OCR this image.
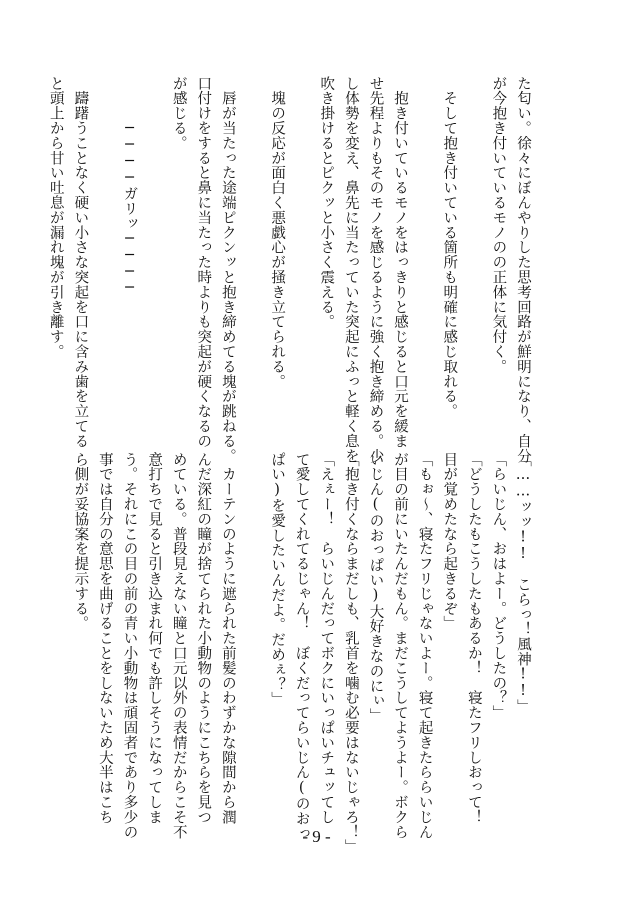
た匂い。徐々にぼんやりした思考回路が鮮明になり、自分
が今抱き付いているモノのの正体に気付く。
　そして抱き付いている箇所も明確に感じ取れる。
　抱き付いているモノをはっきりと感じると口元を緩ま
せ先程よりもそのモノを感じるように強く抱き締める。少
し体勢を変え、鼻先に当たっていた突起にふっと軽く息を
吹き掛けるとピクッと小さく震える。
　塊の反応が面白く悪戯心が掻き立てられる。
　唇が当たった途端ピクンッと抱き締めてる塊が跳ねる。
口付けをすると鼻に当たった時よりも突起が硬くなるの
が感じる。
　　　────ガリッ────
　躊躇うことなく硬い小さな突起を口に含み歯を立てる
と頭上から甘い吐息が漏れ塊が引き離す。
「……ッッ!!　こらっ！風神!!」
「らいじん、おはよー。どうしたの？」
「どうしたもこうしたもあるか！　寝たフリしおって！
目が覚めたなら起きるぞ」
「もぉ～、寝たフリじゃないよー。寝て起きたららいじん
が目の前にいたんだもん。まだこうしてようよー。ボクら
いじん(のおっぱい)大好きなのにぃ」
「抱き付くならまだしも、乳首を噛む必要はないじゃろ！」
「えぇー！　らいじんだってボクにいっぱいチュッてし
て愛してくれてるじゃん！　ぼくだってらいじん(のおっ
ぱい)を愛したいんだよ。だめぇ？」
　カーテンのように遮られた前髪のわずかな隙間から潤
んだ深紅の瞳が捨てられた小動物のようにこちらを見つ
めている。普段見えない瞳と口元以外の表情だからこそ不
意打ちで見ると引き込まれ何でも許しそうになってしま
う。それにこの目の前の青い小動物は頑固者であり多少の
事では自分の意思を曲げることをしないため大半はこち
ら側が妥協案を提示する。
- 9 -
